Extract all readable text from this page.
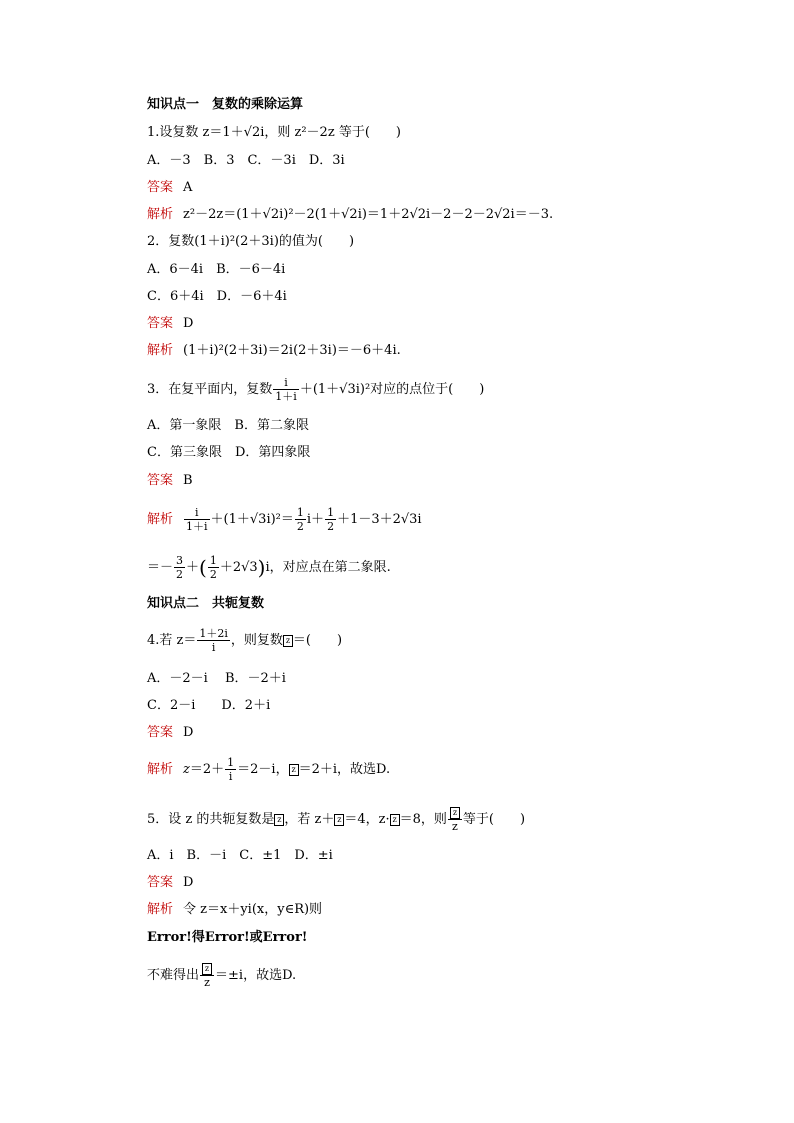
知识点一　复数的乘除运算
1.设复数 z＝1＋√2i，则 z²－2z 等于(　　)
A．－3　B．3　C．－3i　D．3i
答案 A
解析 z²－2z＝(1＋√2i)²－2(1＋√2i)＝1＋2√2i－2－2－2√2i＝－3.
2．复数(1＋i)²(2＋3i)的值为(　　)
A．6－4i　B．－6－4i
C．6＋4i　D．－6＋4i
答案 D
解析 (1＋i)²(2＋3i)＝2i(2＋3i)＝－6＋4i.
3．在复平面内，复数 $\frac{i}{1+i} +(1+√3i)^2$对应的点位于(　　)
A．第一象限　B．第二象限
C．第三象限　D．第四象限
答案 B
解析 $\frac{i}{1+i} +(1+√3i)^2= \frac{1}{2} i+ \frac{1}{2} +1-3+2√3i$
＝－ $\frac{3}{2}$ ＋( $\frac{1}{2} +2√3)i$，对应点在第二象限.
知识点二　共轭复数
4.若 $z= \frac{1+2i}{i}$ ，则复数 z ＝(　　)
A．－2－i　 B．－2＋i
C．2－i　　D．2＋i
答案 D
解析 $z=2+ \frac{1}{i} =2-i$， z ＝2＋i，故选D.
5．设 z 的共轭复数是 z ，若 z＋ z ＝4，z· z ＝8，则 $\frac{z}{z}$ 等于(　　)
A．i　B．－i　C．±1　D．±i
答案 D
解析 令 z＝x＋yi(x，y∈R)则
Error!得Error!或Error!
不难得出 $\frac{z}{z} =\pm i$，故选D.
